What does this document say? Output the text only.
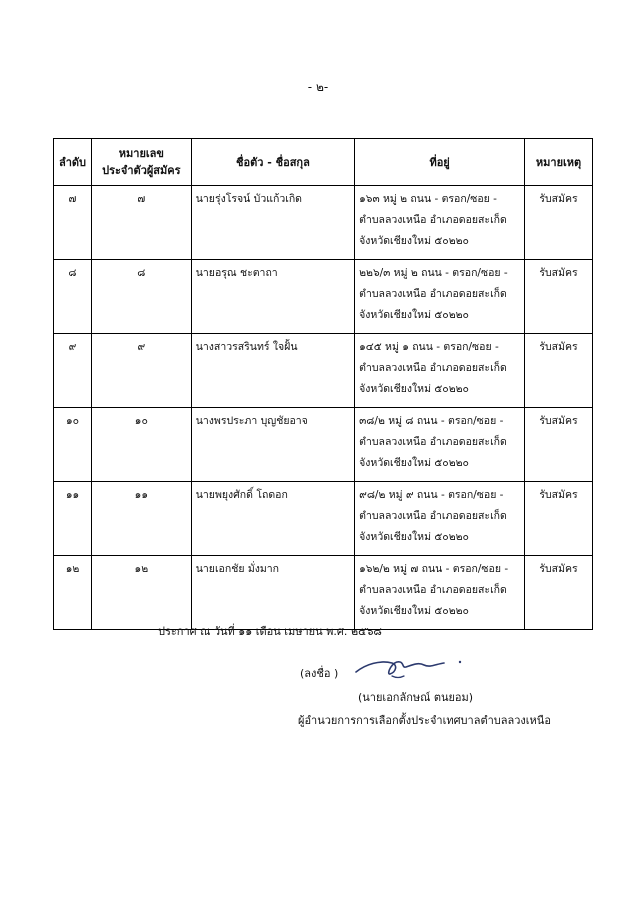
- ๒-
ลำดับ	หมายเลข
ประจำตัวผู้สมัคร	ชื่อตัว - ชื่อสกุล	ที่อยู่	หมายเหตุ
๗	๗	นายรุ่งโรจน์ บัวแก้วเกิด	๑๖๓ หมู่ ๒ ถนน - ตรอก/ซอย -
ตำบลลวงเหนือ อำเภอดอยสะเก็ด
จังหวัดเชียงใหม่ ๕๐๒๒๐	รับสมัคร
๘	๘	นายอรุณ ชะตาถา	๒๒๖/๓ หมู่ ๒ ถนน - ตรอก/ซอย -
ตำบลลวงเหนือ อำเภอดอยสะเก็ด
จังหวัดเชียงใหม่ ๕๐๒๒๐	รับสมัคร
๙	๙	นางสาวรสรินทร์ ใจฝั้น	๑๔๕ หมู่ ๑ ถนน - ตรอก/ซอย -
ตำบลลวงเหนือ อำเภอดอยสะเก็ด
จังหวัดเชียงใหม่ ๕๐๒๒๐	รับสมัคร
๑๐	๑๐	นางพรประภา บุญชัยอาจ	๓๘/๒ หมู่ ๘ ถนน - ตรอก/ซอย -
ตำบลลวงเหนือ อำเภอดอยสะเก็ด
จังหวัดเชียงใหม่ ๕๐๒๒๐	รับสมัคร
๑๑	๑๑	นายพยุงศักดิ์ โถดอก	๙๘/๒ หมู่ ๙ ถนน - ตรอก/ซอย -
ตำบลลวงเหนือ อำเภอดอยสะเก็ด
จังหวัดเชียงใหม่ ๕๐๒๒๐	รับสมัคร
๑๒	๑๒	นายเอกชัย มั่งมาก	๑๖๒/๒ หมู่ ๗ ถนน - ตรอก/ซอย -
ตำบลลวงเหนือ อำเภอดอยสะเก็ด
จังหวัดเชียงใหม่ ๕๐๒๒๐	รับสมัคร
ประกาศ ณ วันที่ ๑๑ เดือน เมษายน พ.ศ. ๒๕๖๘
(ลงชื่อ )
(นายเอกลักษณ์ ตนยอม)
ผู้อำนวยการการเลือกตั้งประจำเทศบาลตำบลลวงเหนือ
